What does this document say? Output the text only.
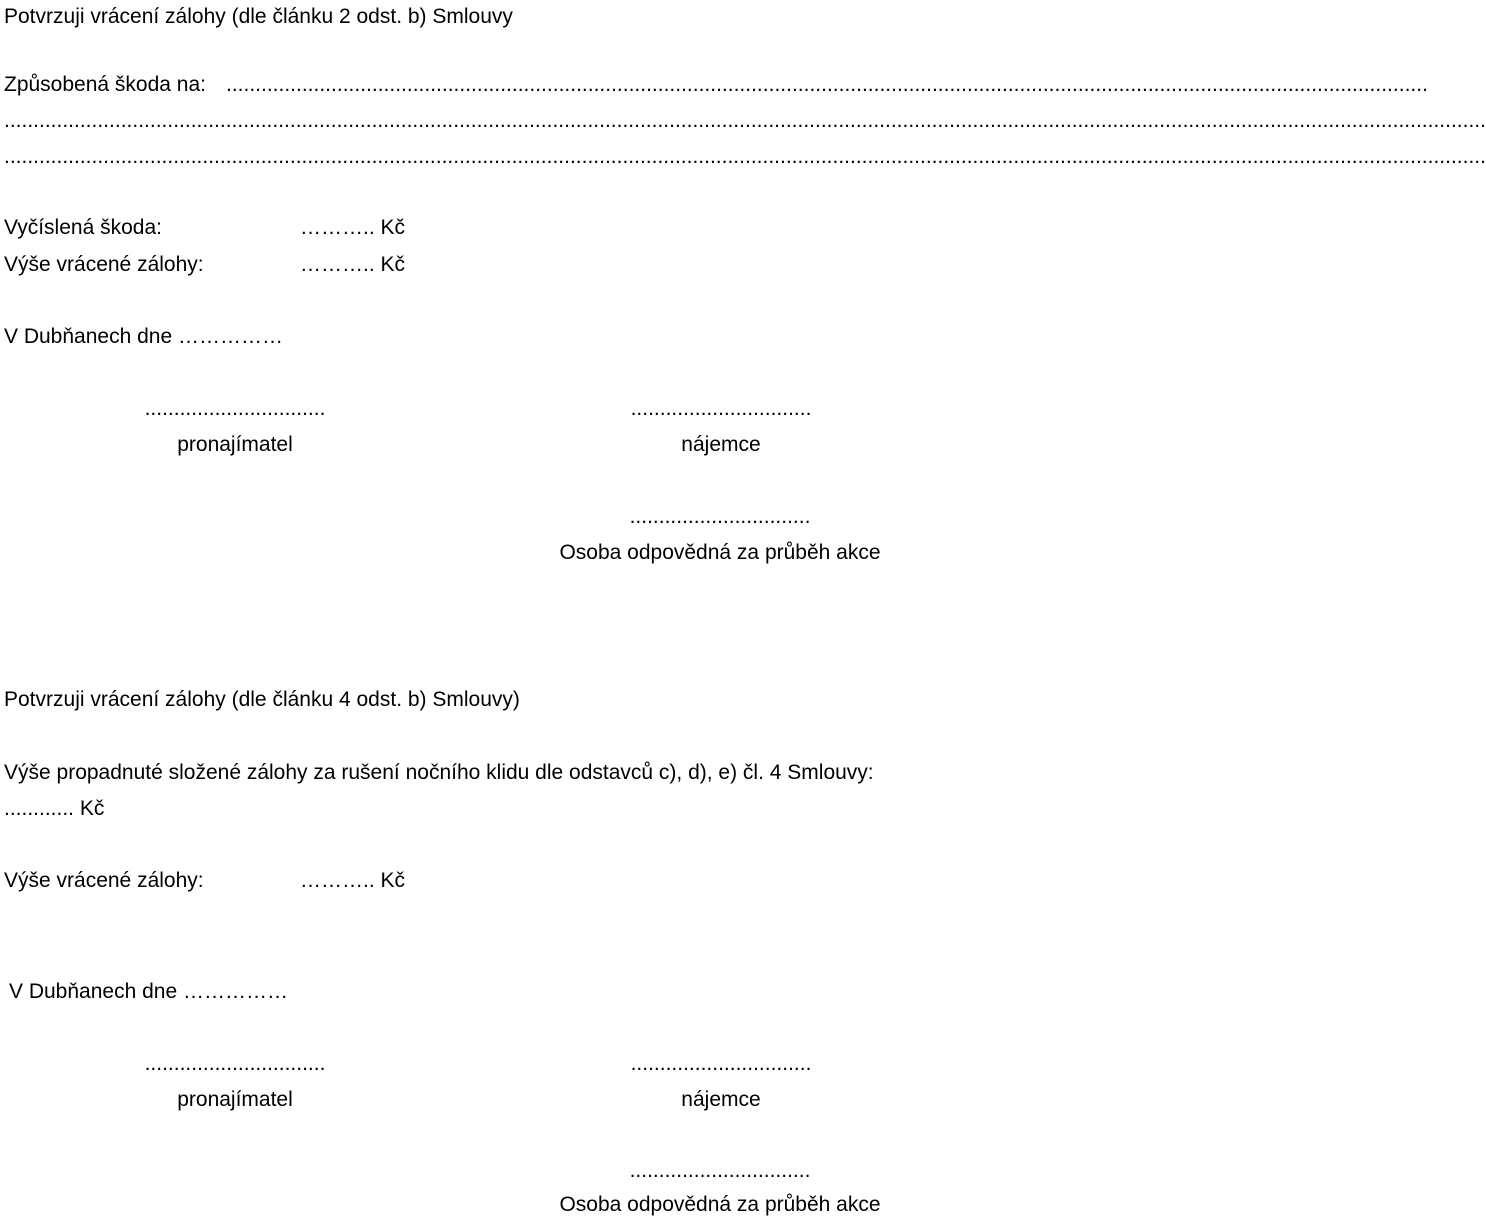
Potvrzuji vrácení zálohy (dle článku 2 odst. b) Smlouvy
Způsobená škoda na: ..............................................................................................................................................................................................................
..............................................................................................................................................................................................................................................................
..............................................................................................................................................................................................................................................................
Vyčíslená škoda:	……….. Kč
Výše vrácené zálohy:	……….. Kč
V Dubňanech dne ……………
...............................
pronajímatel
...............................
nájemce
...............................
Osoba odpovědná za průběh akce
Potvrzuji vrácení zálohy (dle článku 4 odst. b) Smlouvy)
Výše propadnuté složené zálohy za rušení nočního klidu dle odstavců c), d), e) čl. 4 Smlouvy:
............ Kč
Výše vrácené zálohy:	……….. Kč
V Dubňanech dne ……………
...............................
pronajímatel
...............................
nájemce
...............................
Osoba odpovědná za průběh akce
